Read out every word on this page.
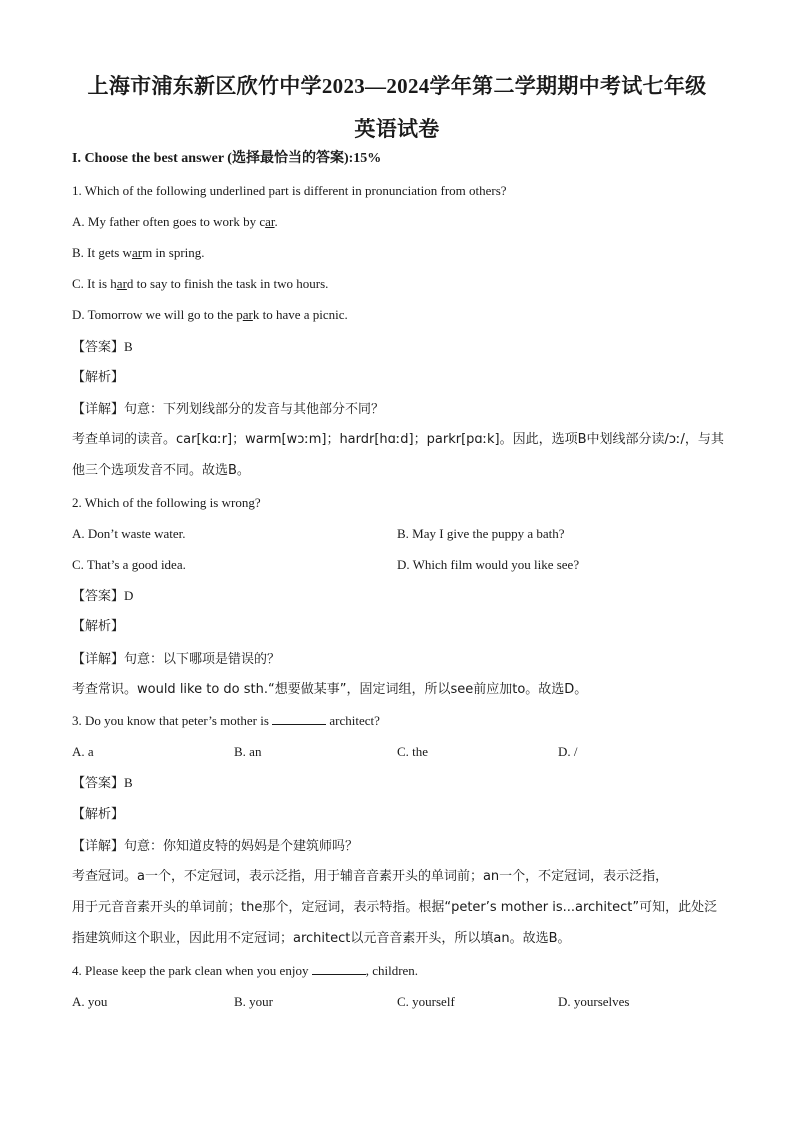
上海市浦东新区欣竹中学2023—2024学年第二学期期中考试七年级
英语试卷
I. Choose the best answer (选择最恰当的答案):15%
1. Which of the following underlined part is different in pronunciation from others?
A. My father often goes to work by car.
B. It gets warm in spring.
C. It is hard to say to finish the task in two hours.
D. Tomorrow we will go to the park to have a picnic.
【答案】B
【解析】
【详解】句意：下列划线部分的发音与其他部分不同？
考查单词的读音。car[kɑːr]；warm[wɔːm]；hardr[hɑːd]；parkr[pɑːk]。因此，选项B中划线部分读/ɔː/，与其
他三个选项发音不同。故选B。
2. Which of the following is wrong?
A. Don’t waste water.	B. May I give the puppy a bath?
C. That’s a good idea.	D. Which film would you like see?
【答案】D
【解析】
【详解】句意：以下哪项是错误的？
考查常识。would like to do sth.“想要做某事”，固定词组，所以see前应加to。故选D。
3. Do you know that peter’s mother is	architect?
A. a	B. an	C. the	D. /
【答案】B
【解析】
【详解】句意：你知道皮特的妈妈是个建筑师吗？
考查冠词。a一个，不定冠词，表示泛指，用于辅音音素开头的单词前；an一个，不定冠词，表示泛指，
用于元音音素开头的单词前；the那个，定冠词，表示特指。根据“peter’s mother is...architect”可知，此处泛
指建筑师这个职业，因此用不定冠词；architect以元音音素开头，所以填an。故选B。
4. Please keep the park clean when you enjoy	, children.
A. you	B. your	C. yourself	D. yourselves
